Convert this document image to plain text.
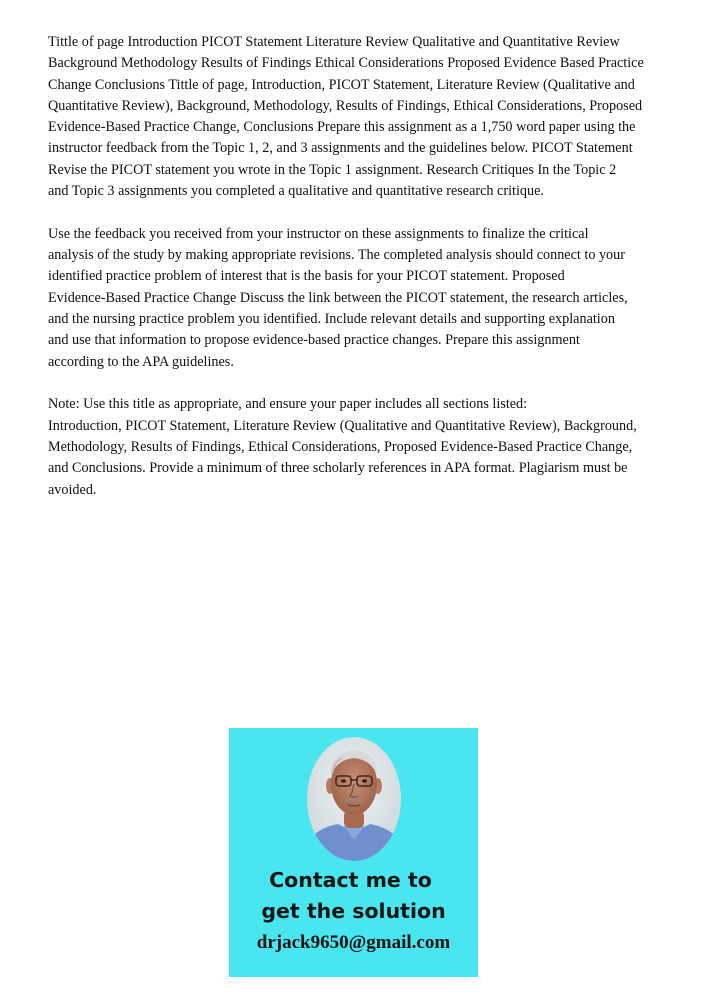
Tittle of page Introduction PICOT Statement Literature Review Qualitative and Quantitative Review
Background Methodology Results of Findings Ethical Considerations Proposed Evidence Based Practice
Change Conclusions Tittle of page, Introduction, PICOT Statement, Literature Review (Qualitative and
Quantitative Review), Background, Methodology, Results of Findings, Ethical Considerations, Proposed
Evidence-Based Practice Change, Conclusions Prepare this assignment as a 1,750 word paper using the
instructor feedback from the Topic 1, 2, and 3 assignments and the guidelines below. PICOT Statement
Revise the PICOT statement you wrote in the Topic 1 assignment. Research Critiques In the Topic 2
and Topic 3 assignments you completed a qualitative and quantitative research critique.

Use the feedback you received from your instructor on these assignments to finalize the critical
analysis of the study by making appropriate revisions. The completed analysis should connect to your
identified practice problem of interest that is the basis for your PICOT statement. Proposed
Evidence-Based Practice Change Discuss the link between the PICOT statement, the research articles,
and the nursing practice problem you identified. Include relevant details and supporting explanation
and use that information to propose evidence-based practice changes. Prepare this assignment
according to the APA guidelines.

Note: Use this title as appropriate, and ensure your paper includes all sections listed:
Introduction, PICOT Statement, Literature Review (Qualitative and Quantitative Review), Background,
Methodology, Results of Findings, Ethical Considerations, Proposed Evidence-Based Practice Change,
and Conclusions. Provide a minimum of three scholarly references in APA format. Plagiarism must be
avoided.

Contact me to
get the solution
drjack9650@gmail.com
